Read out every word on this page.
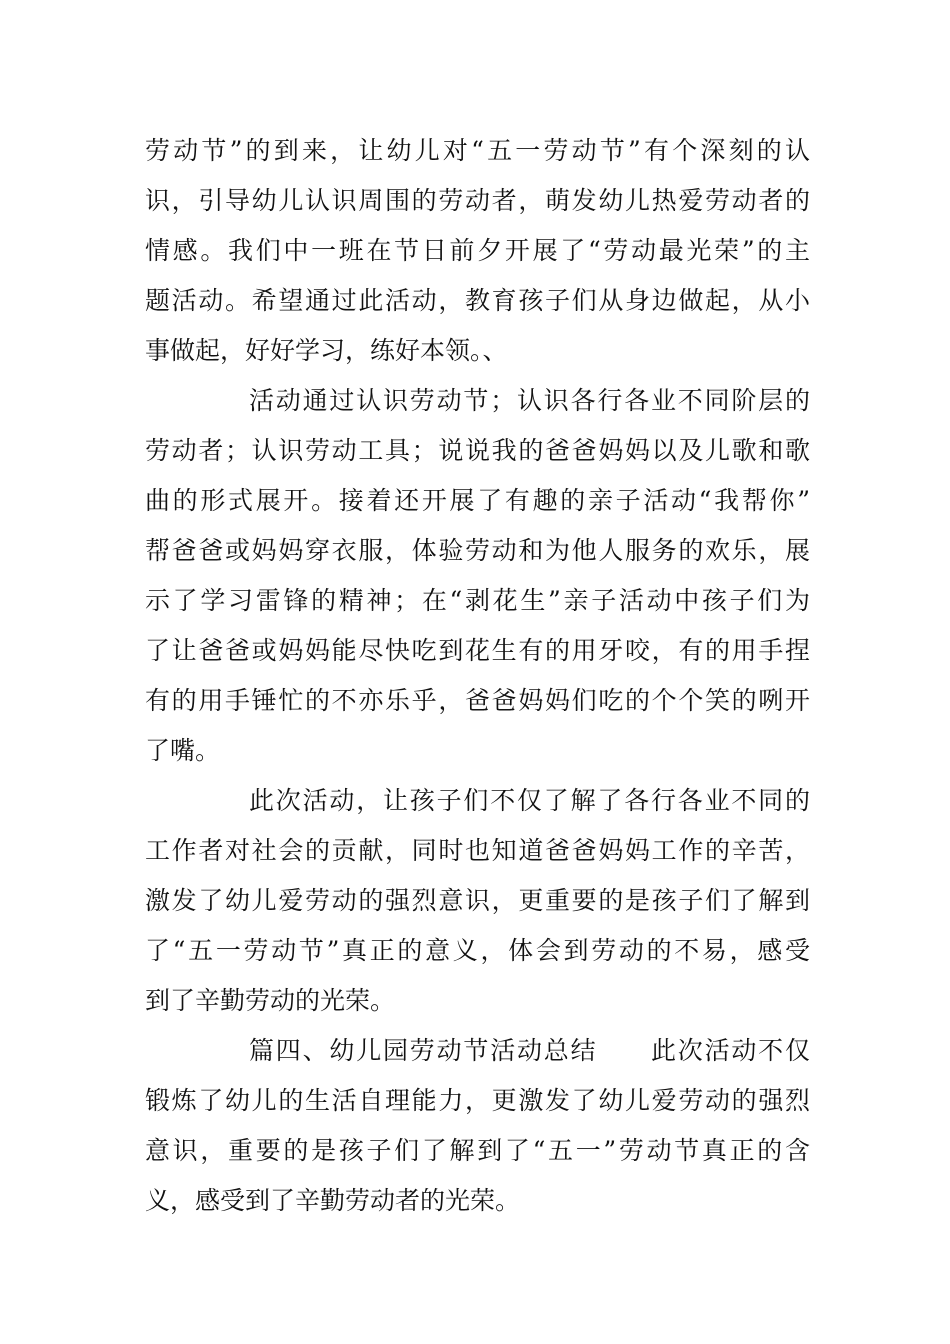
劳动节”的到来，让幼儿对“五一劳动节”有个深刻的认
识，引导幼儿认识周围的劳动者，萌发幼儿热爱劳动者的
情感。我们中一班在节日前夕开展了“劳动最光荣”的主
题活动。希望通过此活动，教育孩子们从身边做起，从小
事做起，好好学习，练好本领。、
活动通过认识劳动节；认识各行各业不同阶层的
劳动者；认识劳动工具；说说我的爸爸妈妈以及儿歌和歌
曲的形式展开。接着还开展了有趣的亲子活动“我帮你”
帮爸爸或妈妈穿衣服，体验劳动和为他人服务的欢乐，展
示了学习雷锋的精神；在“剥花生”亲子活动中孩子们为
了让爸爸或妈妈能尽快吃到花生有的用牙咬，有的用手捏
有的用手锤忙的不亦乐乎，爸爸妈妈们吃的个个笑的咧开
了嘴。
此次活动，让孩子们不仅了解了各行各业不同的
工作者对社会的贡献，同时也知道爸爸妈妈工作的辛苦，
激发了幼儿爱劳动的强烈意识，更重要的是孩子们了解到
了“五一劳动节”真正的意义，体会到劳动的不易，感受
到了辛勤劳动的光荣。
篇四、幼儿园劳动节活动总结　　此次活动不仅
锻炼了幼儿的生活自理能力，更激发了幼儿爱劳动的强烈
意识，重要的是孩子们了解到了“五一”劳动节真正的含
义，感受到了辛勤劳动者的光荣。
